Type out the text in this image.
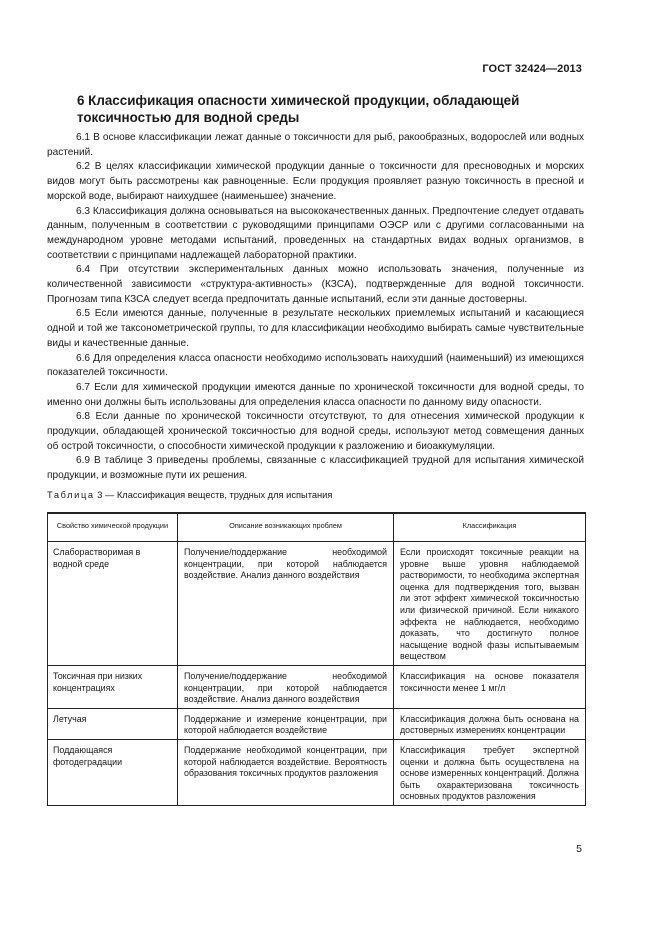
ГОСТ 32424—2013
6 Классификация опасности химической продукции, обладающей токсичностью для водной среды

6.1 В основе классификации лежат данные о токсичности для рыб, ракообразных, водорослей или водных растений.

6.2 В целях классификации химической продукции данные о токсичности для пресноводных и морских видов могут быть рассмотрены как равноценные. Если продукция проявляет разную токсичность в пресной и морской воде, выбирают наихудшее (наименьшее) значение.

6.3 Классификация должна основываться на высококачественных данных. Предпочтение следует отдавать данным, полученным в соответствии с руководящими принципами ОЭСР или с другими согласованными на международном уровне методами испытаний, проведенных на стандартных видах водных организмов, в соответствии с принципами надлежащей лабораторной практики.

6.4 При отсутствии экспериментальных данных можно использовать значения, полученные из количественной зависимости «структура-активность» (КЗСА), подтвержденные для водной токсичности. Прогнозам типа КЗСА следует всегда предпочитать данные испытаний, если эти данные достоверны.

6.5 Если имеются данные, полученные в результате нескольких приемлемых испытаний и касающиеся одной и той же таксонометрической группы, то для классификации необходимо выбирать самые чувствительные виды и качественные данные.

6.6 Для определения класса опасности необходимо использовать наихудший (наименьший) из имеющихся показателей токсичности.

6.7 Если для химической продукции имеются данные по хронической токсичности для водной среды, то именно они должны быть использованы для определения класса опасности по данному виду опасности.

6.8 Если данные по хронической токсичности отсутствуют, то для отнесения химической продукции к продукции, обладающей хронической токсичностью для водной среды, используют метод совмещения данных об острой токсичности, о способности химической продукции к разложению и биоаккумуляции.

6.9 В таблице 3 приведены проблемы, связанные с классификацией трудной для испытания химической продукции, и возможные пути их решения.

Таблица 3 — Классификация веществ, трудных для испытания
Свойство химической продукции	Описание возникающих проблем	Классификация
Слаборастворимая в водной среде	Получение/поддержание необходимой концентрации, при которой наблюдается воздействие. Анализ данного воздействия	Если происходят токсичные реакции на уровне выше уровня наблюдаемой растворимости, то необходима экспертная оценка для подтверждения того, вызван ли этот эффект химической токсичностью или физической причиной. Если никакого эффекта не наблюдается, необходимо доказать, что достигнуто полное насыщение водной фазы испытываемым веществом
Токсичная при низких концентрациях	Получение/поддержание необходимой концентрации, при которой наблюдается воздействие. Анализ данного воздействия	Классификация на основе показателя токсичности менее 1 мг/л
Летучая	Поддержание и измерение концентрации, при которой наблюдается воздействие	Классификация должна быть основана на достоверных измерениях концентрации
Поддающаяся фотодеградации	Поддержание необходимой концентрации, при которой наблюдается воздействие. Вероятность образования токсичных продуктов разложения	Классификация требует экспертной оценки и должна быть осуществлена на основе измеренных концентраций. Должна быть охарактеризована токсичность основных продуктов разложения
5
